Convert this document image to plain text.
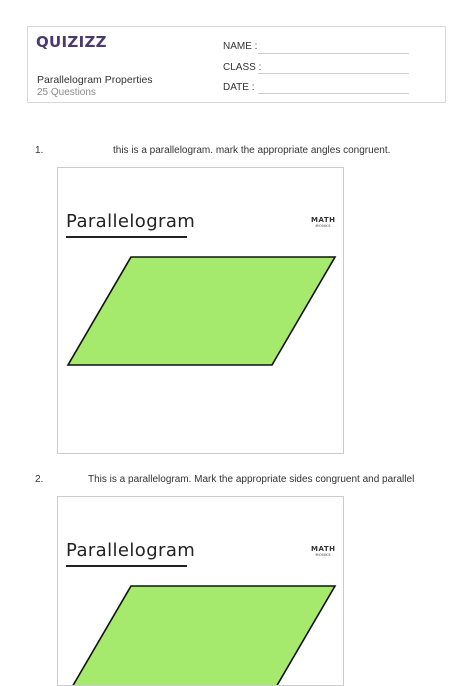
QUIZIZZ
Parallelogram Properties
25 Questions
NAME :
CLASS :
DATE :
1.	this is a parallelogram. mark the appropriate angles congruent.
Parallelogram	MATH
MONKS
2.	This is a parallelogram. Mark the appropriate sides congruent and parallel
Parallelogram	MATH
MONKS
